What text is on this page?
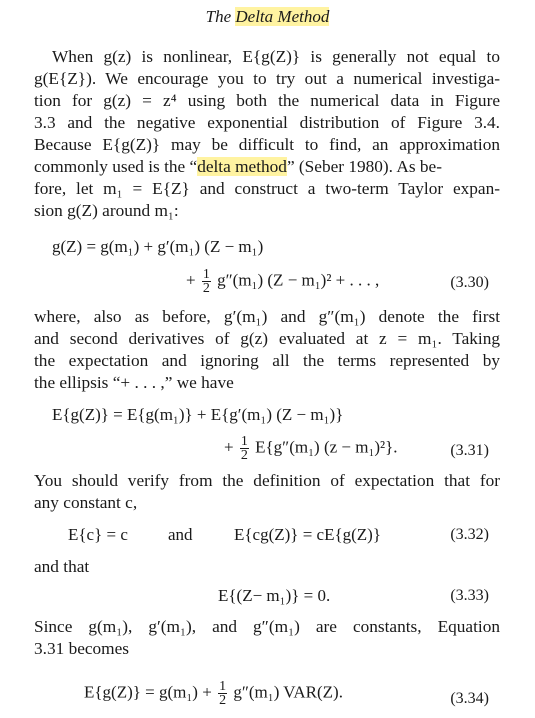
The Delta Method
When g(z) is nonlinear, E{g(Z)} is generally not equal to
g(E{Z}). We encourage you to try out a numerical investiga-
tion for g(z) = z⁴ using both the numerical data in Figure
3.3 and the negative exponential distribution of Figure 3.4.
Because E{g(Z)} may be difficult to find, an approximation
commonly used is the “delta method” (Seber 1980). As be-
fore, let m₁ = E{Z} and construct a two-term Taylor expan-
sion g(Z) around m₁:
g(Z) = g(m₁) + g′(m₁) (Z − m₁)
+ $\frac{1}{2} g''(m_1) (Z - m_1)^2$ + . . . ,	(3.30)
where, also as before, g′(m₁) and g″(m₁) denote the first
and second derivatives of g(z) evaluated at z = m₁. Taking
the expectation and ignoring all the terms represented by
the ellipsis “+ . . . ,” we have
E{g(Z)} = E{g(m₁)} + E{g′(m₁) (Z − m₁)}
+ $\frac{1}{2} E\{g''(m_1) (z - m_1)^2\}$.	(3.31)
You should verify from the definition of expectation that for
any constant c,
E{c} = c and E{cg(Z)} = cE{g(Z)}	(3.32)
and that
E{(Z− m₁)} = 0.	(3.33)
Since g(m₁), g′(m₁), and g″(m₁) are constants, Equation
3.31 becomes
$E\{g(Z)\} = g(m_1) + \frac{1}{2} g''(m_1)$ VAR(Z).	(3.34)
